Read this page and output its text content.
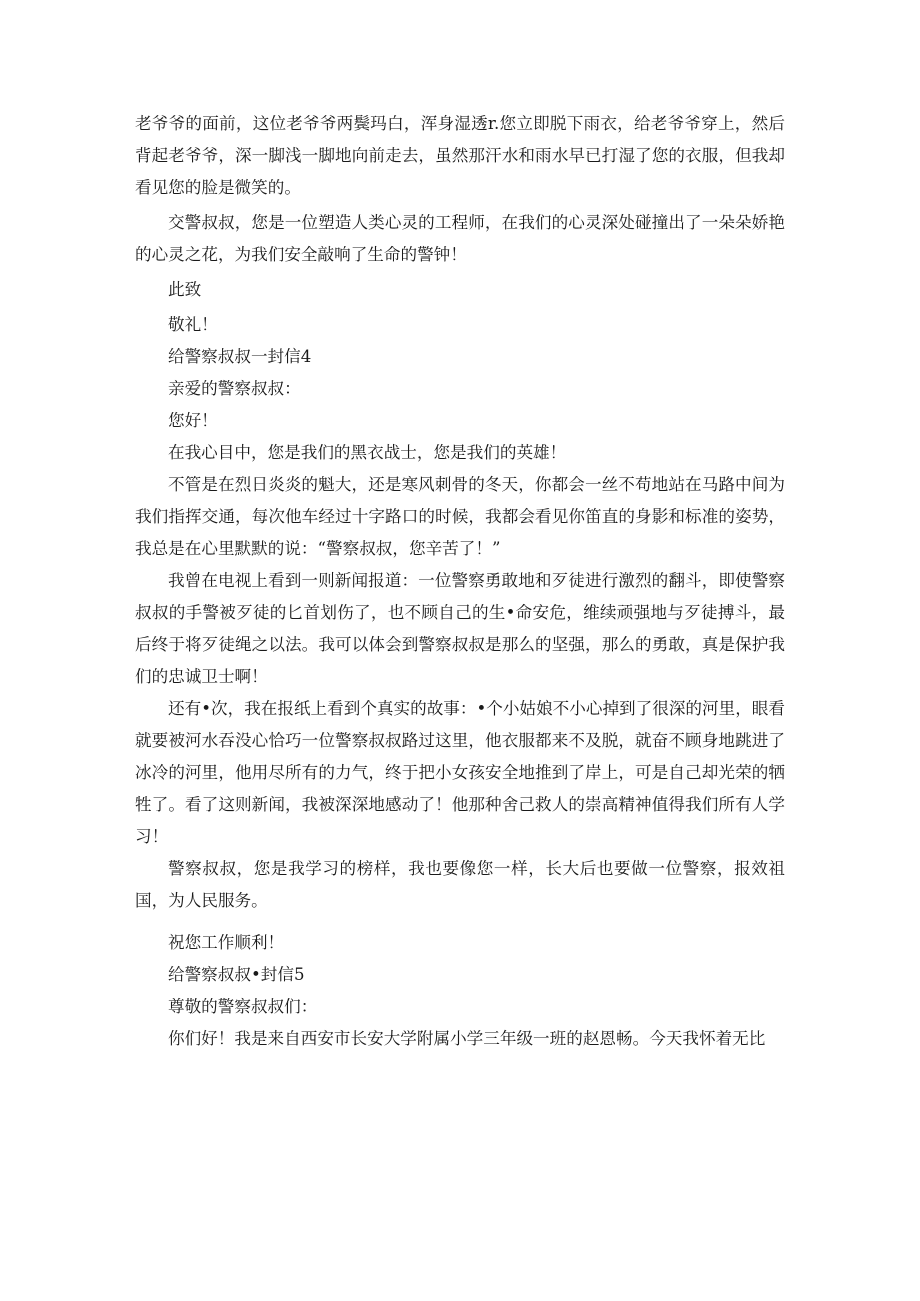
老爷爷的面前，这位老爷爷两鬓玛白，浑身湿透r.您立即脱下雨衣，给老爷爷穿上，然后背起老爷爷，深一脚浅一脚地向前走去，虽然那汗水和雨水早已打湿了您的衣服，但我却看见您的脸是微笑的。

交警叔叔，您是一位塑造人类心灵的工程师，在我们的心灵深处碰撞出了一朵朵娇艳的心灵之花，为我们安全敲响了生命的警钟！

此致

敬礼！

给警察叔叔一封信4

亲爱的警察叔叔：

您好！

在我心目中，您是我们的黑衣战士，您是我们的英雄！

不管是在烈日炎炎的魁大，还是寒风刺骨的冬天，你都会一丝不苟地站在马路中间为我们指挥交通，每次他车经过十字路口的时候，我都会看见你笛直的身影和标准的姿势，我总是在心里默默的说：“警察叔叔，您辛苦了！”

我曾在电视上看到一则新闻报道：一位警察勇敢地和歹徒进行激烈的翻斗，即使警察叔叔的手警被歹徒的匕首划伤了，也不顾自己的生•命安危，维续顽强地与歹徒搏斗，最后终于将歹徒绳之以法。我可以体会到警察叔叔是那么的坚强，那么的勇敢，真是保护我们的忠诚卫士啊！

还有•次，我在报纸上看到个真实的故事：•个小姑娘不小心掉到了很深的河里，眼看就要被河水吞没心恰巧一位警察叔叔路过这里，他衣服都来不及脱，就奋不顾身地跳进了冰冷的河里，他用尽所有的力气，终于把小女孩安全地推到了岸上，可是自己却光荣的牺牲了。看了这则新闻，我被深深地感动了！他那种舍己救人的崇高精神值得我们所有人学习！

警察叔叔，您是我学习的榜样，我也要像您一样，长大后也要做一位警察，报效祖国，为人民服务。

祝您工作顺利！

给警察叔叔•封信5

尊敬的警察叔叔们：

你们好！我是来自西安市长安大学附属小学三年级一班的赵恩畅。今天我怀着无比
